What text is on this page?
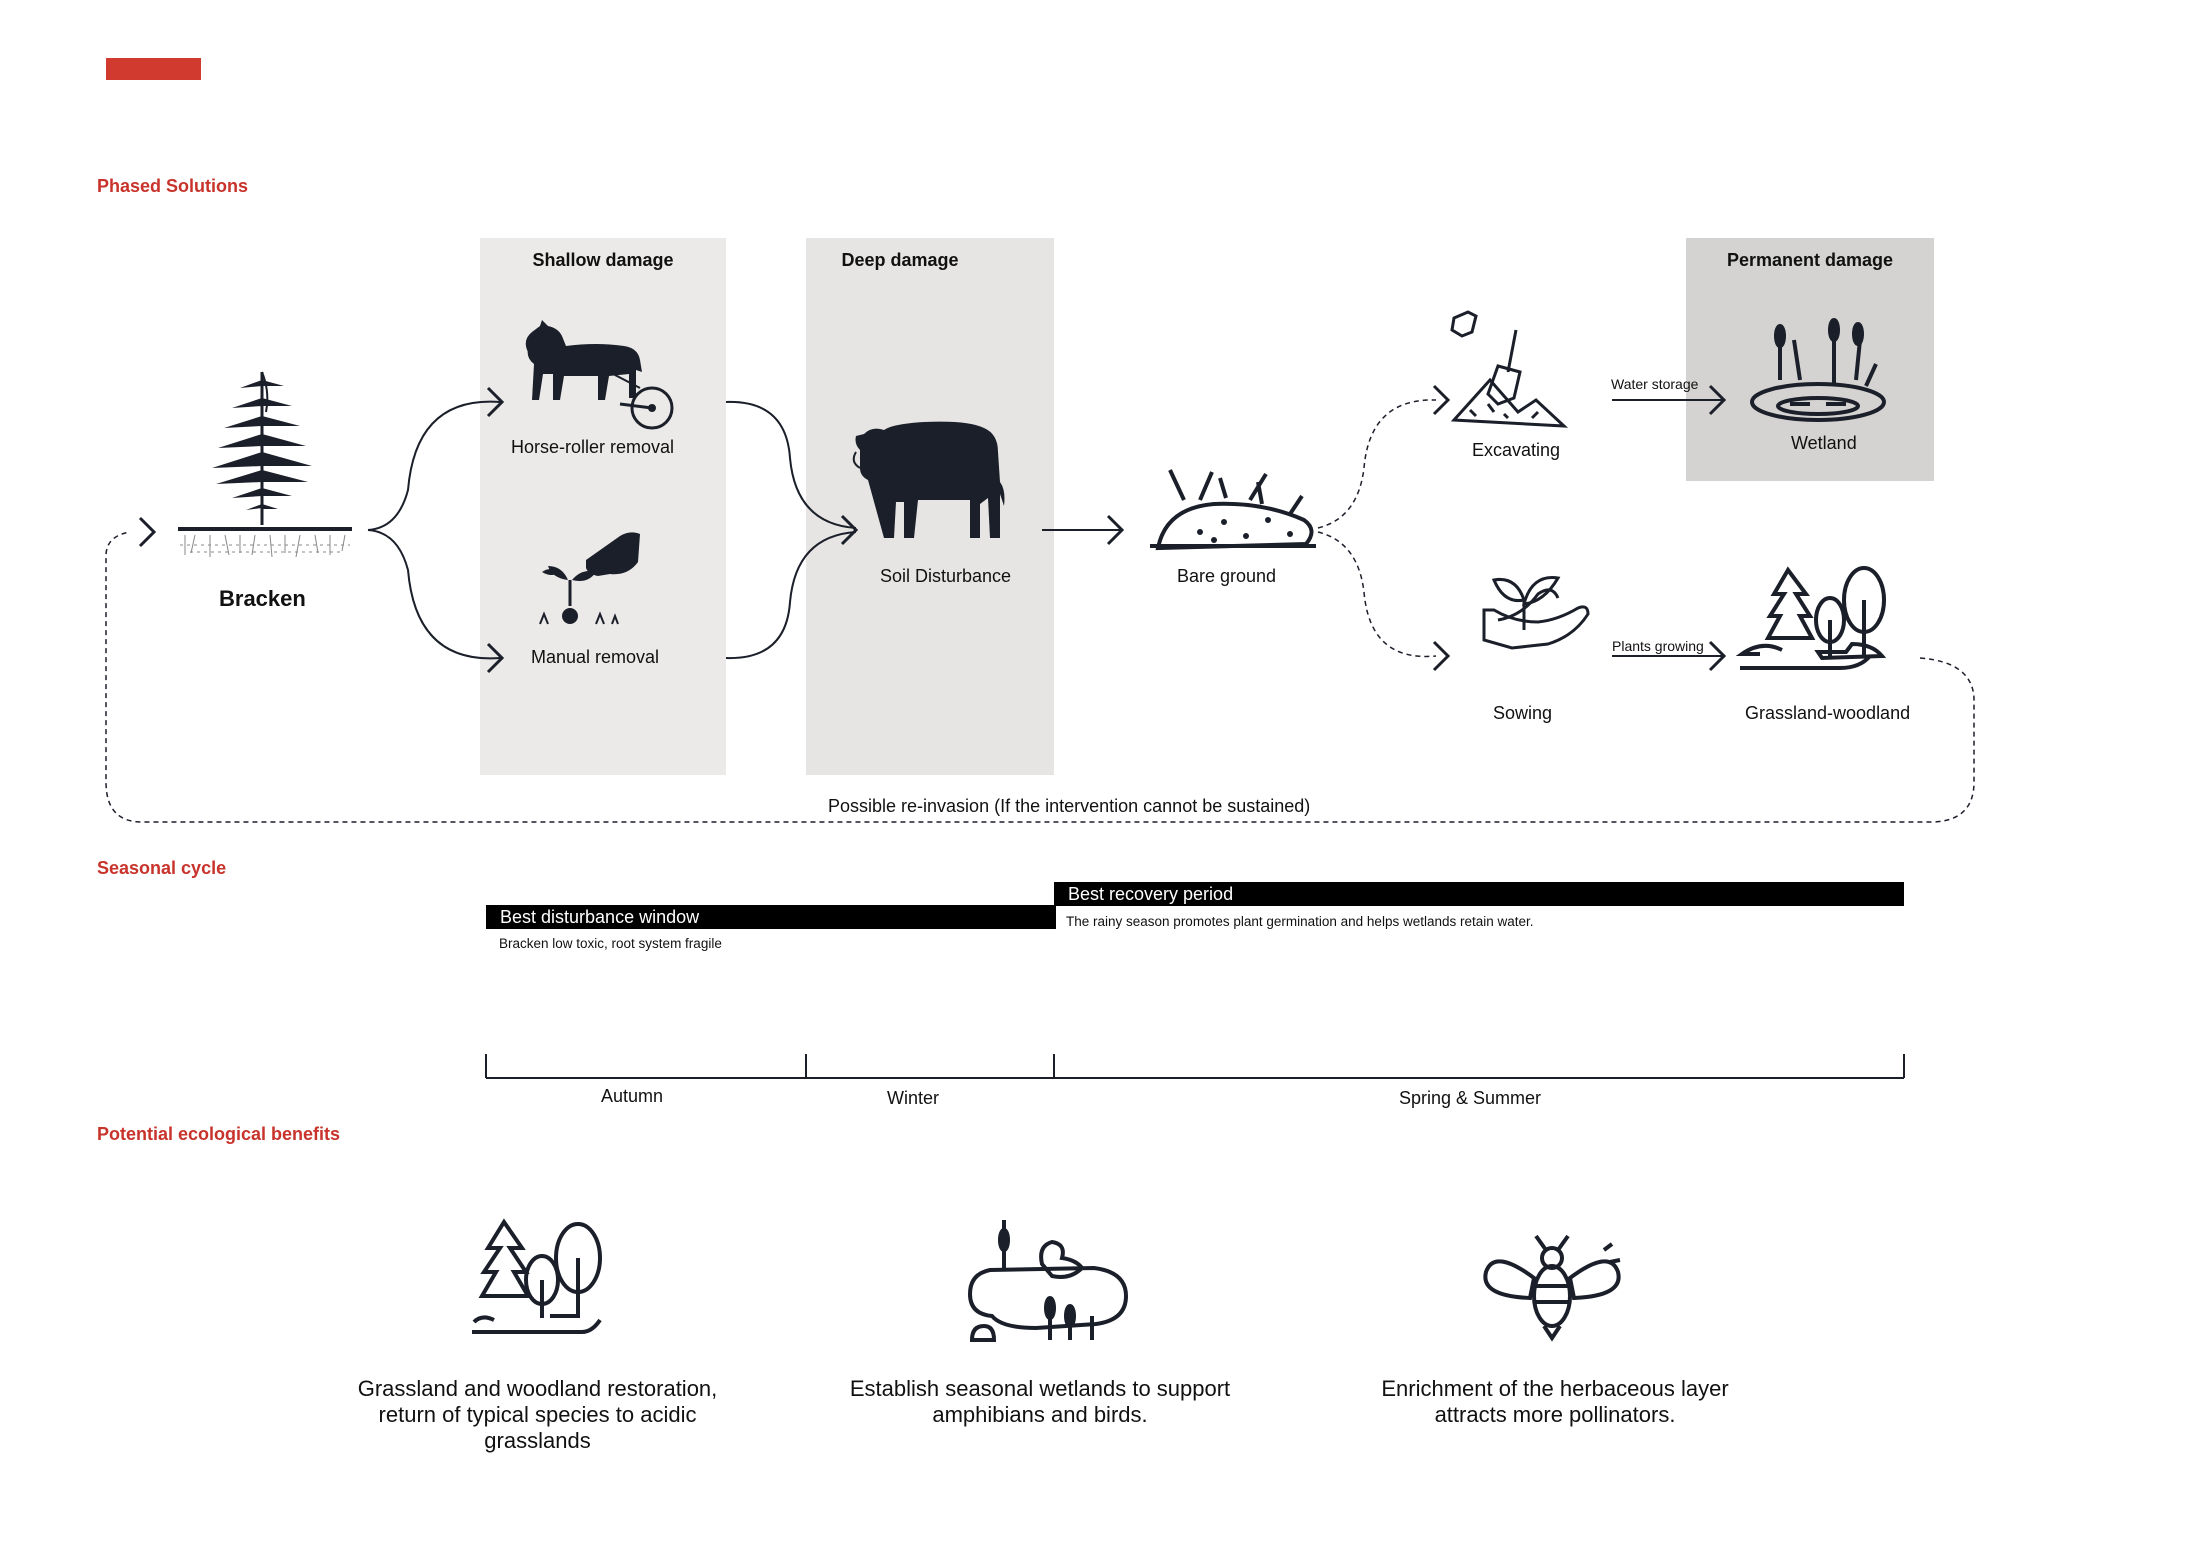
Phased Solutions
Seasonal cycle
Potential ecological benefits
Shallow damage	Deep damage	Permanent damage
Bracken
Horse-roller removal
Manual removal
Soil Disturbance	Bare ground
Excavating	Wetland
Sowing	Grassland-woodland
Water storage
Plants growing
Possible re-invasion (If the intervention cannot be sustained)
Best disturbance window
Bracken low toxic, root system fragile
Best recovery period
The rainy season promotes plant germination and helps wetlands retain water.
Autumn	Winter	Spring & Summer
Grassland and woodland restoration, return of typical species to acidic grasslands
Establish seasonal wetlands to support amphibians and birds.
Enrichment of the herbaceous layer attracts more pollinators.
